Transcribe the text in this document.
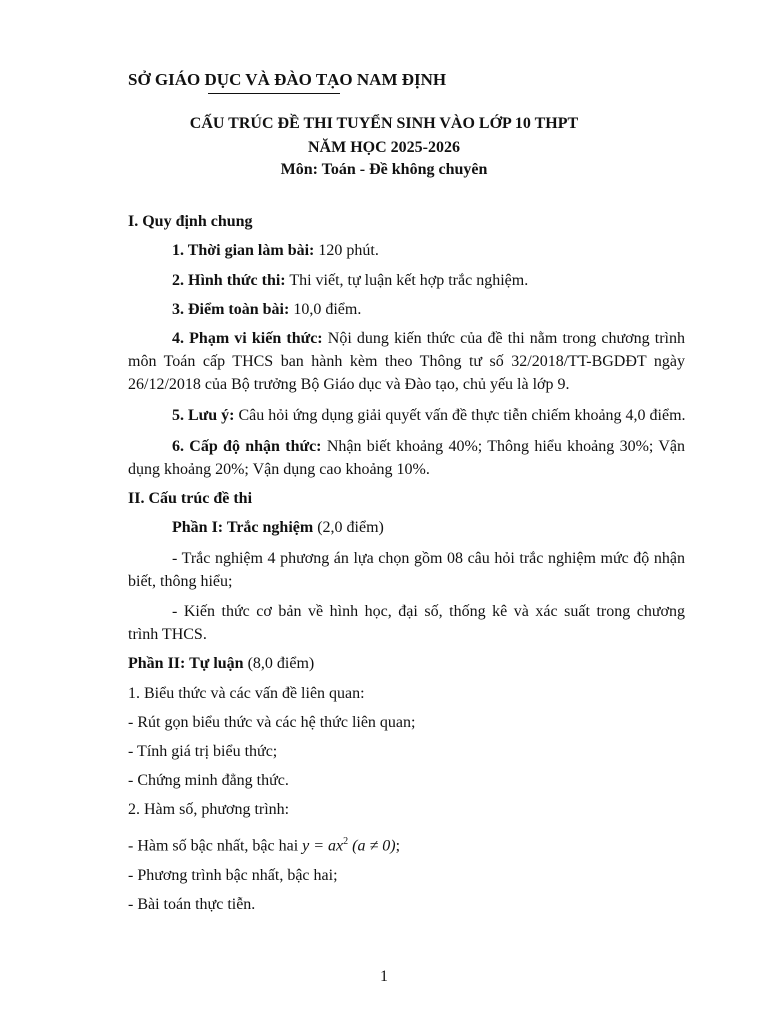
SỞ GIÁO DỤC VÀ ĐÀO TẠO NAM ĐỊNH
CẤU TRÚC ĐỀ THI TUYỂN SINH VÀO LỚP 10 THPT
NĂM HỌC 2025-2026
Môn: Toán - Đề không chuyên
I. Quy định chung
1. Thời gian làm bài: 120 phút.
2. Hình thức thi: Thi viết, tự luận kết hợp trắc nghiệm.
3. Điểm toàn bài: 10,0 điểm.
4. Phạm vi kiến thức: Nội dung kiến thức của đề thi nằm trong chương trình
môn Toán cấp THCS ban hành kèm theo Thông tư số 32/2018/TT-BGDĐT ngày
26/12/2018 của Bộ trưởng Bộ Giáo dục và Đào tạo, chủ yếu là lớp 9.
5. Lưu ý: Câu hỏi ứng dụng giải quyết vấn đề thực tiễn chiếm khoảng 4,0 điểm.
6. Cấp độ nhận thức: Nhận biết khoảng 40%; Thông hiểu khoảng 30%; Vận
dụng khoảng 20%; Vận dụng cao khoảng 10%.
II. Cấu trúc đề thi
Phần I: Trắc nghiệm (2,0 điểm)
- Trắc nghiệm 4 phương án lựa chọn gồm 08 câu hỏi trắc nghiệm mức độ nhận
biết, thông hiểu;
- Kiến thức cơ bản về hình học, đại số, thống kê và xác suất trong chương
trình THCS.
Phần II: Tự luận (8,0 điểm)
1. Biểu thức và các vấn đề liên quan:
- Rút gọn biểu thức và các hệ thức liên quan;
- Tính giá trị biểu thức;
- Chứng minh đẳng thức.
2. Hàm số, phương trình:
- Hàm số bậc nhất, bậc hai $y = ax^2$ (a ≠ 0);
- Phương trình bậc nhất, bậc hai;
- Bài toán thực tiễn.
1
